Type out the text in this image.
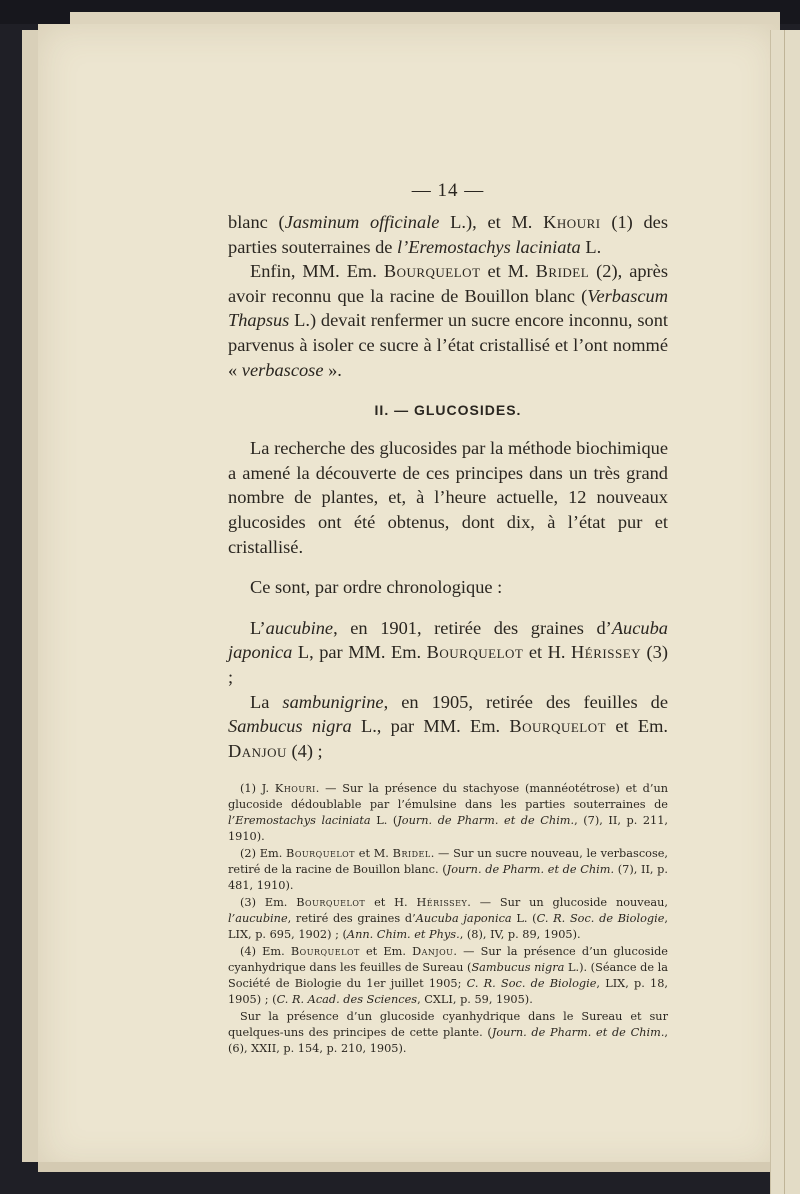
— 14 —

blanc (Jasminum officinale L.), et M. Khouri (1) des parties souterraines de l’Eremostachys laciniata L.

Enfin, MM. Em. Bourquelot et M. Bridel (2), après avoir reconnu que la racine de Bouillon blanc (Verbascum Thapsus L.) devait renfermer un sucre encore inconnu, sont parvenus à isoler ce sucre à l’état cristallisé et l’ont nommé « verbascose ».

II. — GLUCOSIDES.

La recherche des glucosides par la méthode biochimique a amené la découverte de ces principes dans un très grand nombre de plantes, et, à l’heure actuelle, 12 nouveaux glucosides ont été obtenus, dont dix, à l’état pur et cristallisé.

Ce sont, par ordre chronologique :

L’aucubine, en 1901, retirée des graines d’Aucuba japonica L, par MM. Em. Bourquelot et H. Hérissey (3) ;

La sambunigrine, en 1905, retirée des feuilles de Sambucus nigra L., par MM. Em. Bourquelot et Em. Danjou (4) ;

(1) J. Khouri. — Sur la présence du stachyose (mannéotétrose) et d’un glucoside dédoublable par l’émulsine dans les parties souterraines de l’Eremostachys laciniata L. (Journ. de Pharm. et de Chim., (7), II, p. 211, 1910).

(2) Em. Bourquelot et M. Bridel. — Sur un sucre nouveau, le verbascose, retiré de la racine de Bouillon blanc. (Journ. de Pharm. et de Chim. (7), II, p. 481, 1910).

(3) Em. Bourquelot et H. Hérissey. — Sur un glucoside nouveau, l’aucubine, retiré des graines d’Aucuba japonica L. (C. R. Soc. de Biologie, LIX, p. 695, 1902) ; (Ann. Chim. et Phys., (8), IV, p. 89, 1905).

(4) Em. Bourquelot et Em. Danjou. — Sur la présence d’un glucoside cyanhydrique dans les feuilles de Sureau (Sambucus nigra L.). (Séance de la Société de Biologie du 1er juillet 1905; C. R. Soc. de Biologie, LIX, p. 18, 1905) ; (C. R. Acad. des Sciences, CXLI, p. 59, 1905).

Sur la présence d’un glucoside cyanhydrique dans le Sureau et sur quelques-uns des principes de cette plante. (Journ. de Pharm. et de Chim., (6), XXII, p. 154, p. 210, 1905).
